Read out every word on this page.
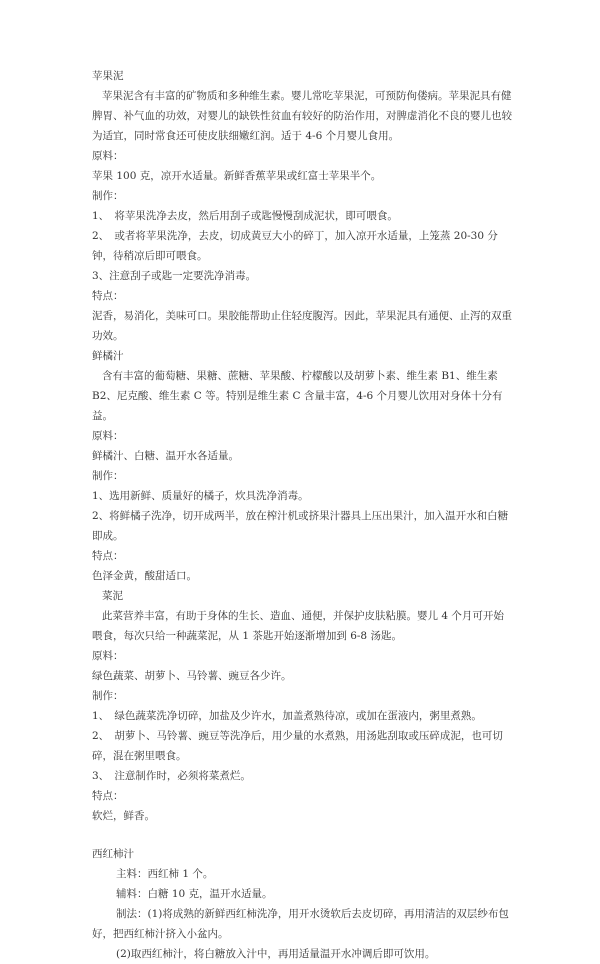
苹果泥

苹果泥含有丰富的矿物质和多种维生素。婴儿常吃苹果泥，可预防佝偻病。苹果泥具有健脾胃、补气血的功效，对婴儿的缺铁性贫血有较好的防治作用，对脾虚消化不良的婴儿也较为适宜，同时常食还可使皮肤细嫩红润。适于 4-6 个月婴儿食用。

原料：

苹果 100 克，凉开水适量。新鲜香蕉苹果或红富士苹果半个。

制作：

1、　将苹果洗净去皮，然后用刮子或匙慢慢刮成泥状，即可喂食。

2、　或者将苹果洗净，去皮，切成黄豆大小的碎丁，加入凉开水适量，上笼蒸 20-30 分钟，待稍凉后即可喂食。

3、注意刮子或匙一定要洗净消毒。

特点：

泥香，易消化，美味可口。果胶能帮助止住轻度腹泻。因此，苹果泥具有通便、止泻的双重功效。

鲜橘汁

含有丰富的葡萄糖、果糖、蔗糖、苹果酸、柠檬酸以及胡萝卜素、维生素 B1、维生素 B2、尼克酸、维生素 C 等。特别是维生素 C 含量丰富，4-6 个月婴儿饮用对身体十分有益。

原料：

鲜橘汁、白糖、温开水各适量。

制作：

1、选用新鲜、质量好的橘子，炊具洗净消毒。

2、将鲜橘子洗净，切开成两半，放在榨汁机或挤果汁器具上压出果汁，加入温开水和白糖即成。

特点：

色泽金黄，酸甜适口。

菜泥

此菜营养丰富，有助于身体的生长、造血、通便，并保护皮肤粘膜。婴儿 4 个月可开始喂食，每次只给一种蔬菜泥，从 1 茶匙开始逐渐增加到 6-8 汤匙。

原料：

绿色蔬菜、胡萝卜、马铃薯、豌豆各少许。

制作：

1、　绿色蔬菜洗净切碎，加盐及少许水，加盖煮熟待凉，或加在蛋液内，粥里煮熟。

2、　胡萝卜、马铃薯、豌豆等洗净后，用少量的水煮熟，用汤匙刮取或压碎成泥，也可切碎，混在粥里喂食。

3、　注意制作时，必须将菜煮烂。

特点：

软烂，鲜香。

西红柿汁

主料：西红柿 1 个。

辅料：白糖 10 克，温开水适量。

制法：(1)将成熟的新鲜西红柿洗净，用开水烫软后去皮切碎，再用清洁的双层纱布包好，把西红柿汁挤入小盆内。

(2)取西红柿汁，将白糖放入汁中，再用适量温开水冲调后即可饮用。
